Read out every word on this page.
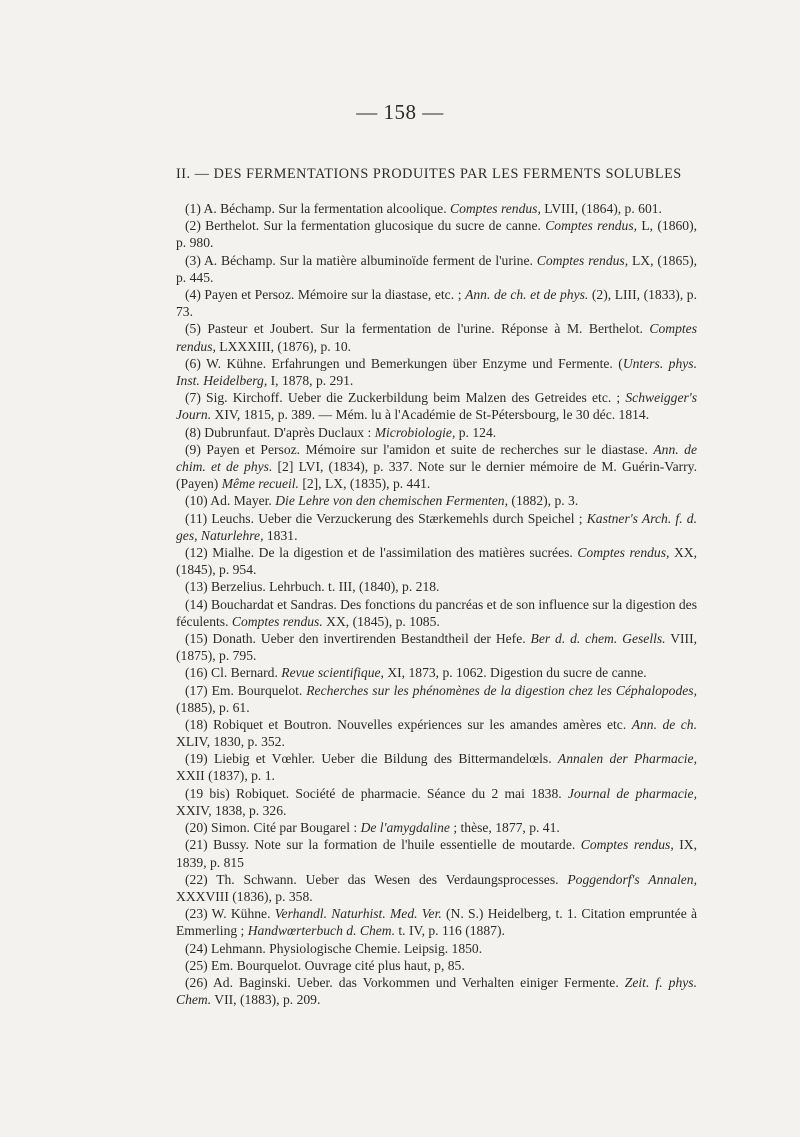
— 158 —
II. — DES FERMENTATIONS PRODUITES PAR LES FERMENTS SOLUBLES

(1) A. Béchamp. Sur la fermentation alcoolique. Comptes rendus, LVIII, (1864), p. 601.

(2) Berthelot. Sur la fermentation glucosique du sucre de canne. Comptes rendus, L, (1860), p. 980.

(3) A. Béchamp. Sur la matière albuminoïde ferment de l'urine. Comptes rendus, LX, (1865), p. 445.

(4) Payen et Persoz. Mémoire sur la diastase, etc. ; Ann. de ch. et de phys. (2), LIII, (1833), p. 73.

(5) Pasteur et Joubert. Sur la fermentation de l'urine. Réponse à M. Berthelot. Comptes rendus, LXXXIII, (1876), p. 10.

(6) W. Kühne. Erfahrungen und Bemerkungen über Enzyme und Fermente. (Unters. phys. Inst. Heidelberg, I, 1878, p. 291.

(7) Sig. Kirchoff. Ueber die Zuckerbildung beim Malzen des Getreides etc. ; Schweigger's Journ. XIV, 1815, p. 389. — Mém. lu à l'Académie de St-Pétersbourg, le 30 déc. 1814.

(8) Dubrunfaut. D'après Duclaux : Microbiologie, p. 124.

(9) Payen et Persoz. Mémoire sur l'amidon et suite de recherches sur le diastase. Ann. de chim. et de phys. [2] LVI, (1834), p. 337. Note sur le dernier mémoire de M. Guérin-Varry. (Payen) Même recueil. [2], LX, (1835), p. 441.

(10) Ad. Mayer. Die Lehre von den chemischen Fermenten, (1882), p. 3.

(11) Leuchs. Ueber die Verzuckerung des Stærkemehls durch Speichel ; Kastner's Arch. f. d. ges, Naturlehre, 1831.

(12) Mialhe. De la digestion et de l'assimilation des matières sucrées. Comptes rendus, XX, (1845), p. 954.

(13) Berzelius. Lehrbuch. t. III, (1840), p. 218.

(14) Bouchardat et Sandras. Des fonctions du pancréas et de son influence sur la digestion des féculents. Comptes rendus. XX, (1845), p. 1085.

(15) Donath. Ueber den invertirenden Bestandtheil der Hefe. Ber d. d. chem. Gesells. VIII, (1875), p. 795.

(16) Cl. Bernard. Revue scientifique, XI, 1873, p. 1062. Digestion du sucre de canne.

(17) Em. Bourquelot. Recherches sur les phénomènes de la digestion chez les Céphalopodes, (1885), p. 61.

(18) Robiquet et Boutron. Nouvelles expériences sur les amandes amères etc. Ann. de ch. XLIV, 1830, p. 352.

(19) Liebig et Vœhler. Ueber die Bildung des Bittermandelœls. Annalen der Pharmacie, XXII (1837), p. 1.

(19 bis) Robiquet. Société de pharmacie. Séance du 2 mai 1838. Journal de pharmacie, XXIV, 1838, p. 326.

(20) Simon. Cité par Bougarel : De l'amygdaline ; thèse, 1877, p. 41.

(21) Bussy. Note sur la formation de l'huile essentielle de moutarde. Comptes rendus, IX, 1839, p. 815

(22) Th. Schwann. Ueber das Wesen des Verdaungsprocesses. Poggendorf's Annalen, XXXVIII (1836), p. 358.

(23) W. Kühne. Verhandl. Naturhist. Med. Ver. (N. S.) Heidelberg, t. 1. Citation empruntée à Emmerling ; Handwœrterbuch d. Chem. t. IV, p. 116 (1887).

(24) Lehmann. Physiologische Chemie. Leipsig. 1850.

(25) Em. Bourquelot. Ouvrage cité plus haut, p, 85.

(26) Ad. Baginski. Ueber. das Vorkommen und Verhalten einiger Fermente. Zeit. f. phys. Chem. VII, (1883), p. 209.
